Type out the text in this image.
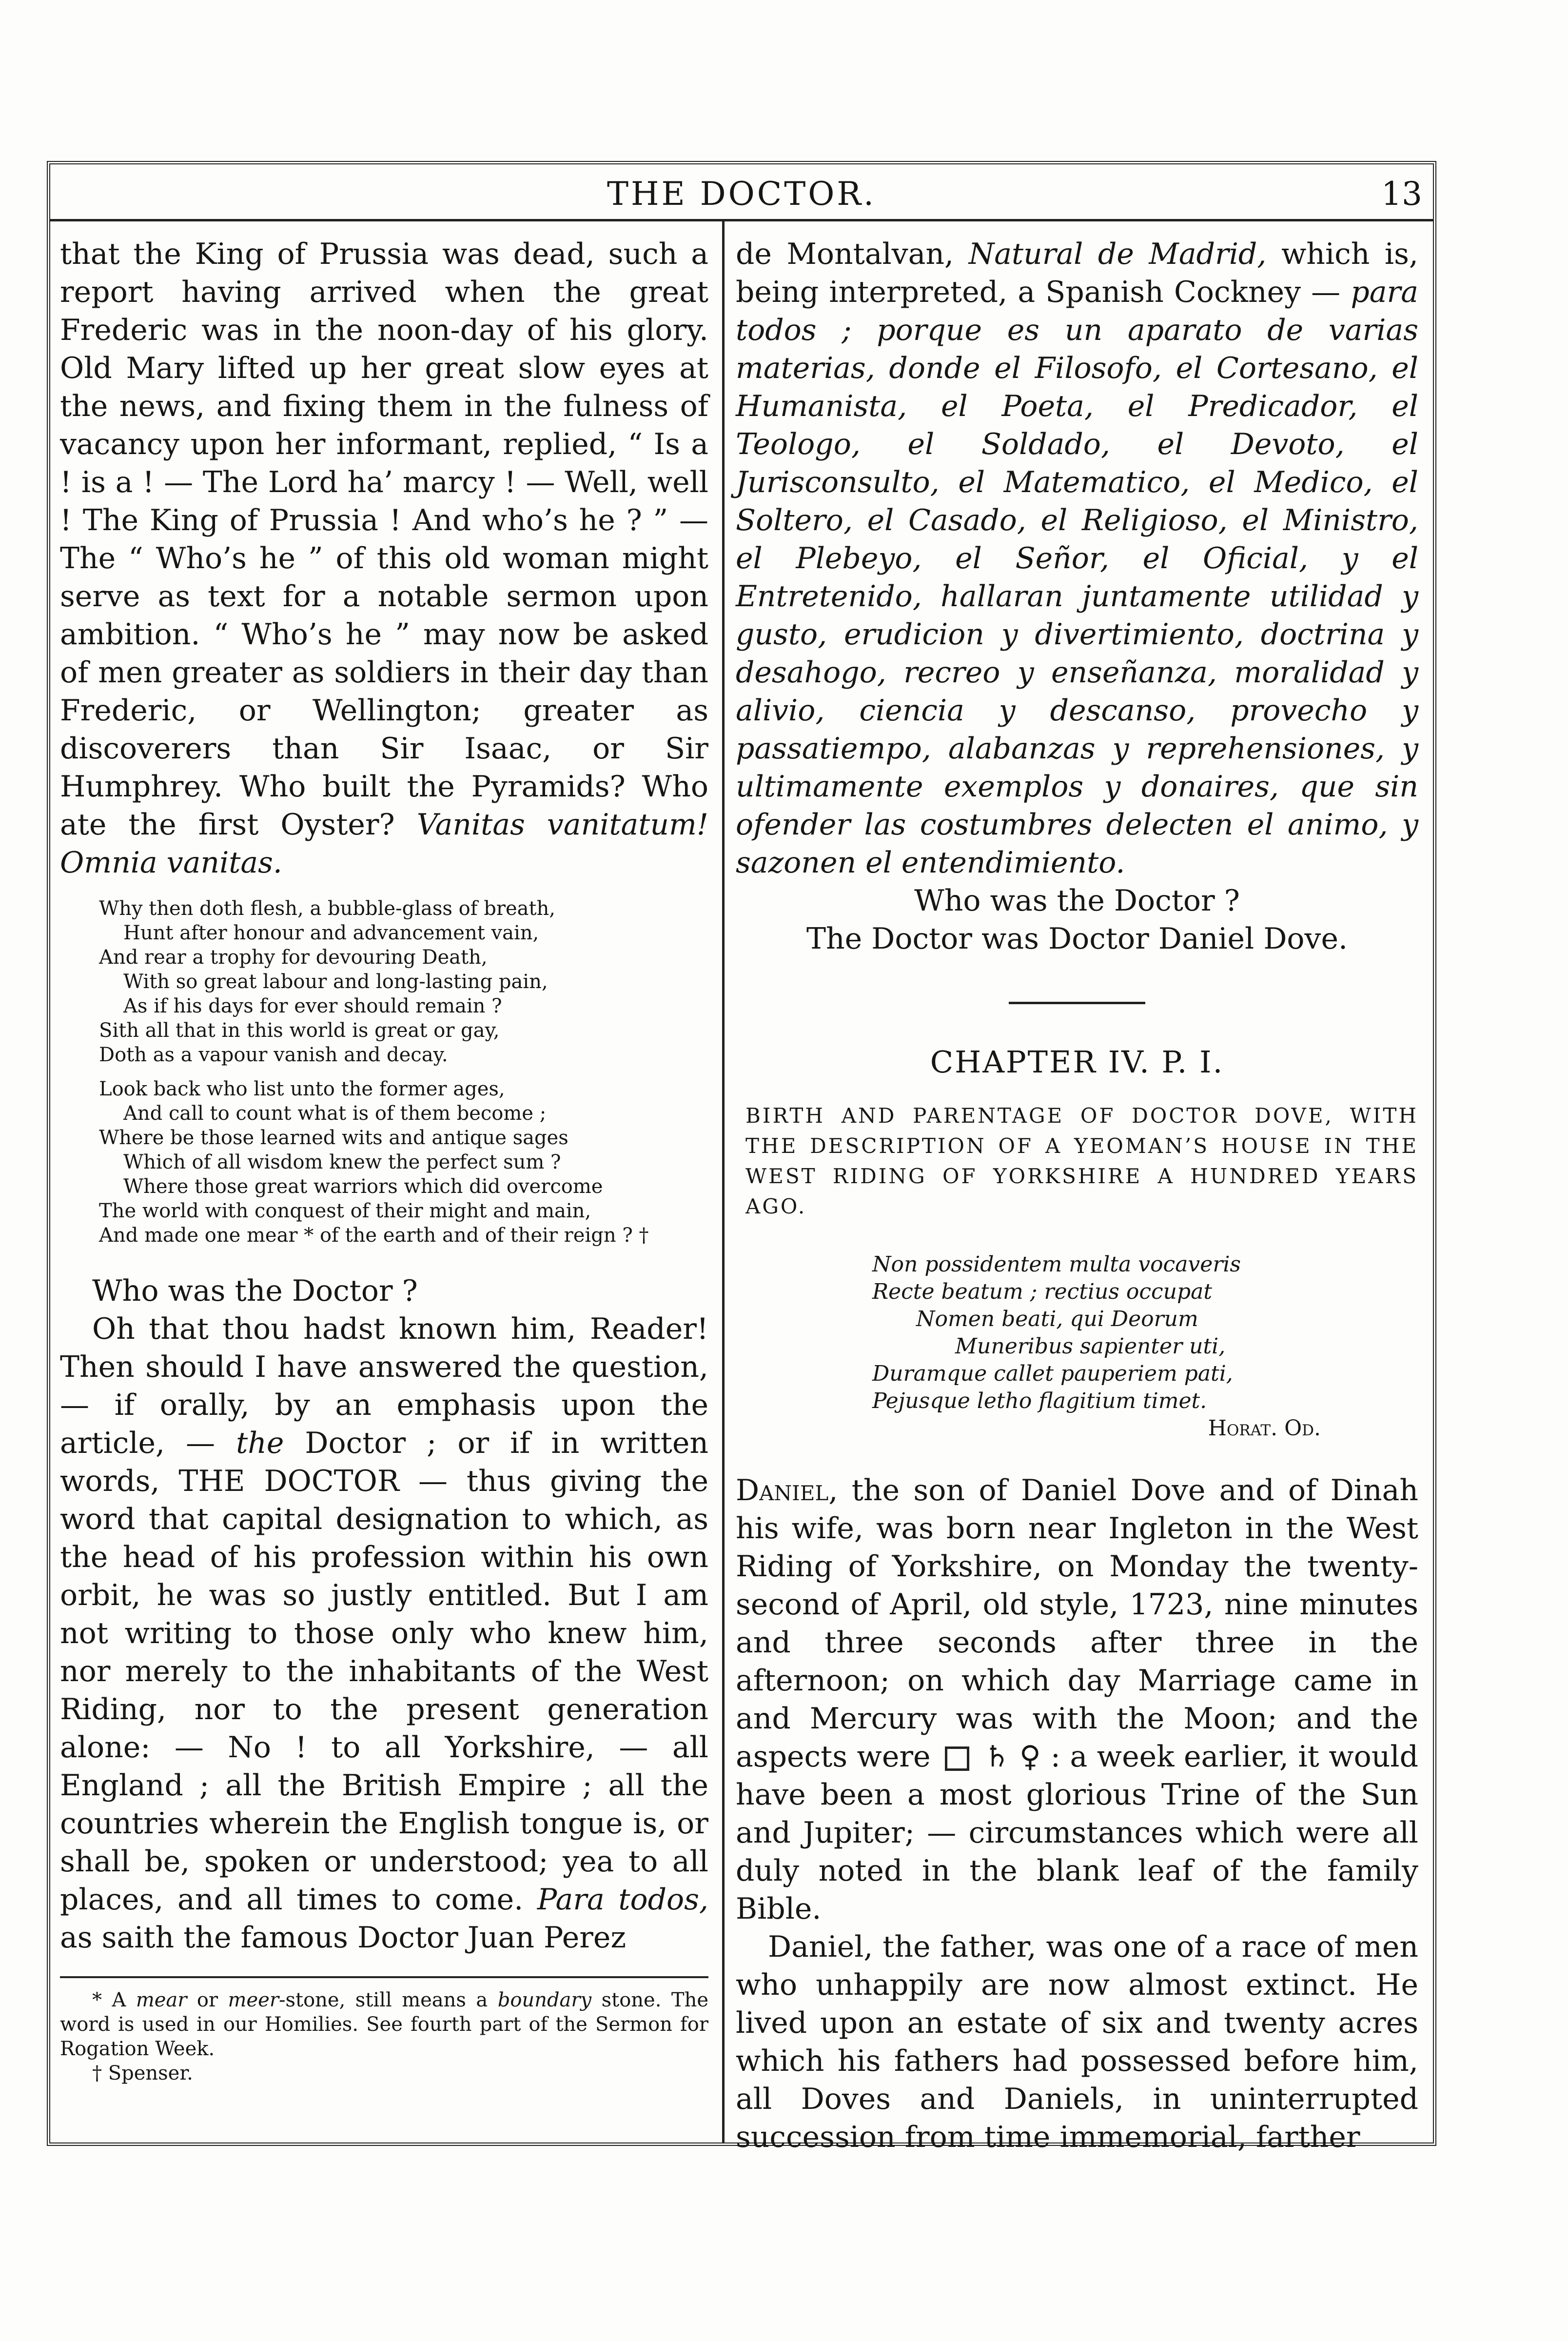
THE DOCTOR.	13

that the King of Prussia was dead, such a report having arrived when the great Frederic was in the noon-day of his glory. Old Mary lifted up her great slow eyes at the news, and fixing them in the fulness of vacancy upon her informant, replied, “ Is a ! is a ! — The Lord ha’ marcy ! — Well, well ! The King of Prussia ! And who’s he ? ” — The “ Who’s he ” of this old woman might serve as text for a notable sermon upon ambition. “ Who’s he ” may now be asked of men greater as soldiers in their day than Frederic, or Wellington; greater as discoverers than Sir Isaac, or Sir Humphrey. Who built the Pyramids? Who ate the first Oyster? Vanitas vanitatum! Omnia vanitas.

Why then doth flesh, a bubble-glass of breath,
Hunt after honour and advancement vain,
And rear a trophy for devouring Death,
With so great labour and long-lasting pain,
As if his days for ever should remain ?
Sith all that in this world is great or gay,
Doth as a vapour vanish and decay.
Look back who list unto the former ages,
And call to count what is of them become ;
Where be those learned wits and antique sages
Which of all wisdom knew the perfect sum ?
Where those great warriors which did overcome
The world with conquest of their might and main,
And made one mear * of the earth and of their reign ? †

Who was the Doctor ?

Oh that thou hadst known him, Reader! Then should I have answered the question, — if orally, by an emphasis upon the article, — the Doctor ; or if in written words, THE DOCTOR — thus giving the word that capital designation to which, as the head of his profession within his own orbit, he was so justly entitled. But I am not writing to those only who knew him, nor merely to the inhabitants of the West Riding, nor to the present generation alone: — No ! to all Yorkshire, — all England ; all the British Empire ; all the countries wherein the English tongue is, or shall be, spoken or understood; yea to all places, and all times to come. Para todos, as saith the famous Doctor Juan Perez

* A mear or meer-stone, still means a boundary stone. The word is used in our Homilies. See fourth part of the Sermon for Rogation Week.

† Spenser.

de Montalvan, Natural de Madrid, which is, being interpreted, a Spanish Cockney — para todos ; porque es un aparato de varias materias, donde el Filosofo, el Cortesano, el Humanista, el Poeta, el Predicador, el Teologo, el Soldado, el Devoto, el Jurisconsulto, el Matematico, el Medico, el Soltero, el Casado, el Religioso, el Ministro, el Plebeyo, el Señor, el Oficial, y el Entretenido, hallaran juntamente utilidad y gusto, erudicion y divertimiento, doctrina y desahogo, recreo y enseñanza, moralidad y alivio, ciencia y descanso, provecho y passatiempo, alabanzas y reprehensiones, y ultimamente exemplos y donaires, que sin ofender las costumbres delecten el animo, y sazonen el entendimiento.

Who was the Doctor ?

The Doctor was Doctor Daniel Dove.

CHAPTER IV. P. I.
BIRTH AND PARENTAGE OF DOCTOR DOVE, WITH THE DESCRIPTION OF A YEOMAN’S HOUSE IN THE WEST RIDING OF YORKSHIRE A HUNDRED YEARS AGO.
Non possidentem multa vocaveris
Recte beatum ; rectius occupat
Nomen beati, qui Deorum
Muneribus sapienter uti,
Duramque callet pauperiem pati,
Pejusque letho flagitium timet.
Horat. Od.

Daniel, the son of Daniel Dove and of Dinah his wife, was born near Ingleton in the West Riding of Yorkshire, on Monday the twenty-second of April, old style, 1723, nine minutes and three seconds after three in the afternoon; on which day Marriage came in and Mercury was with the Moon; and the aspects were ♄ ♀ : a week earlier, it would have been a most glorious Trine of the Sun and Jupiter; — circumstances which were all duly noted in the blank leaf of the family Bible.

Daniel, the father, was one of a race of men who unhappily are now almost extinct. He lived upon an estate of six and twenty acres which his fathers had possessed before him, all Doves and Daniels, in uninterrupted succession from time immemorial, farther
